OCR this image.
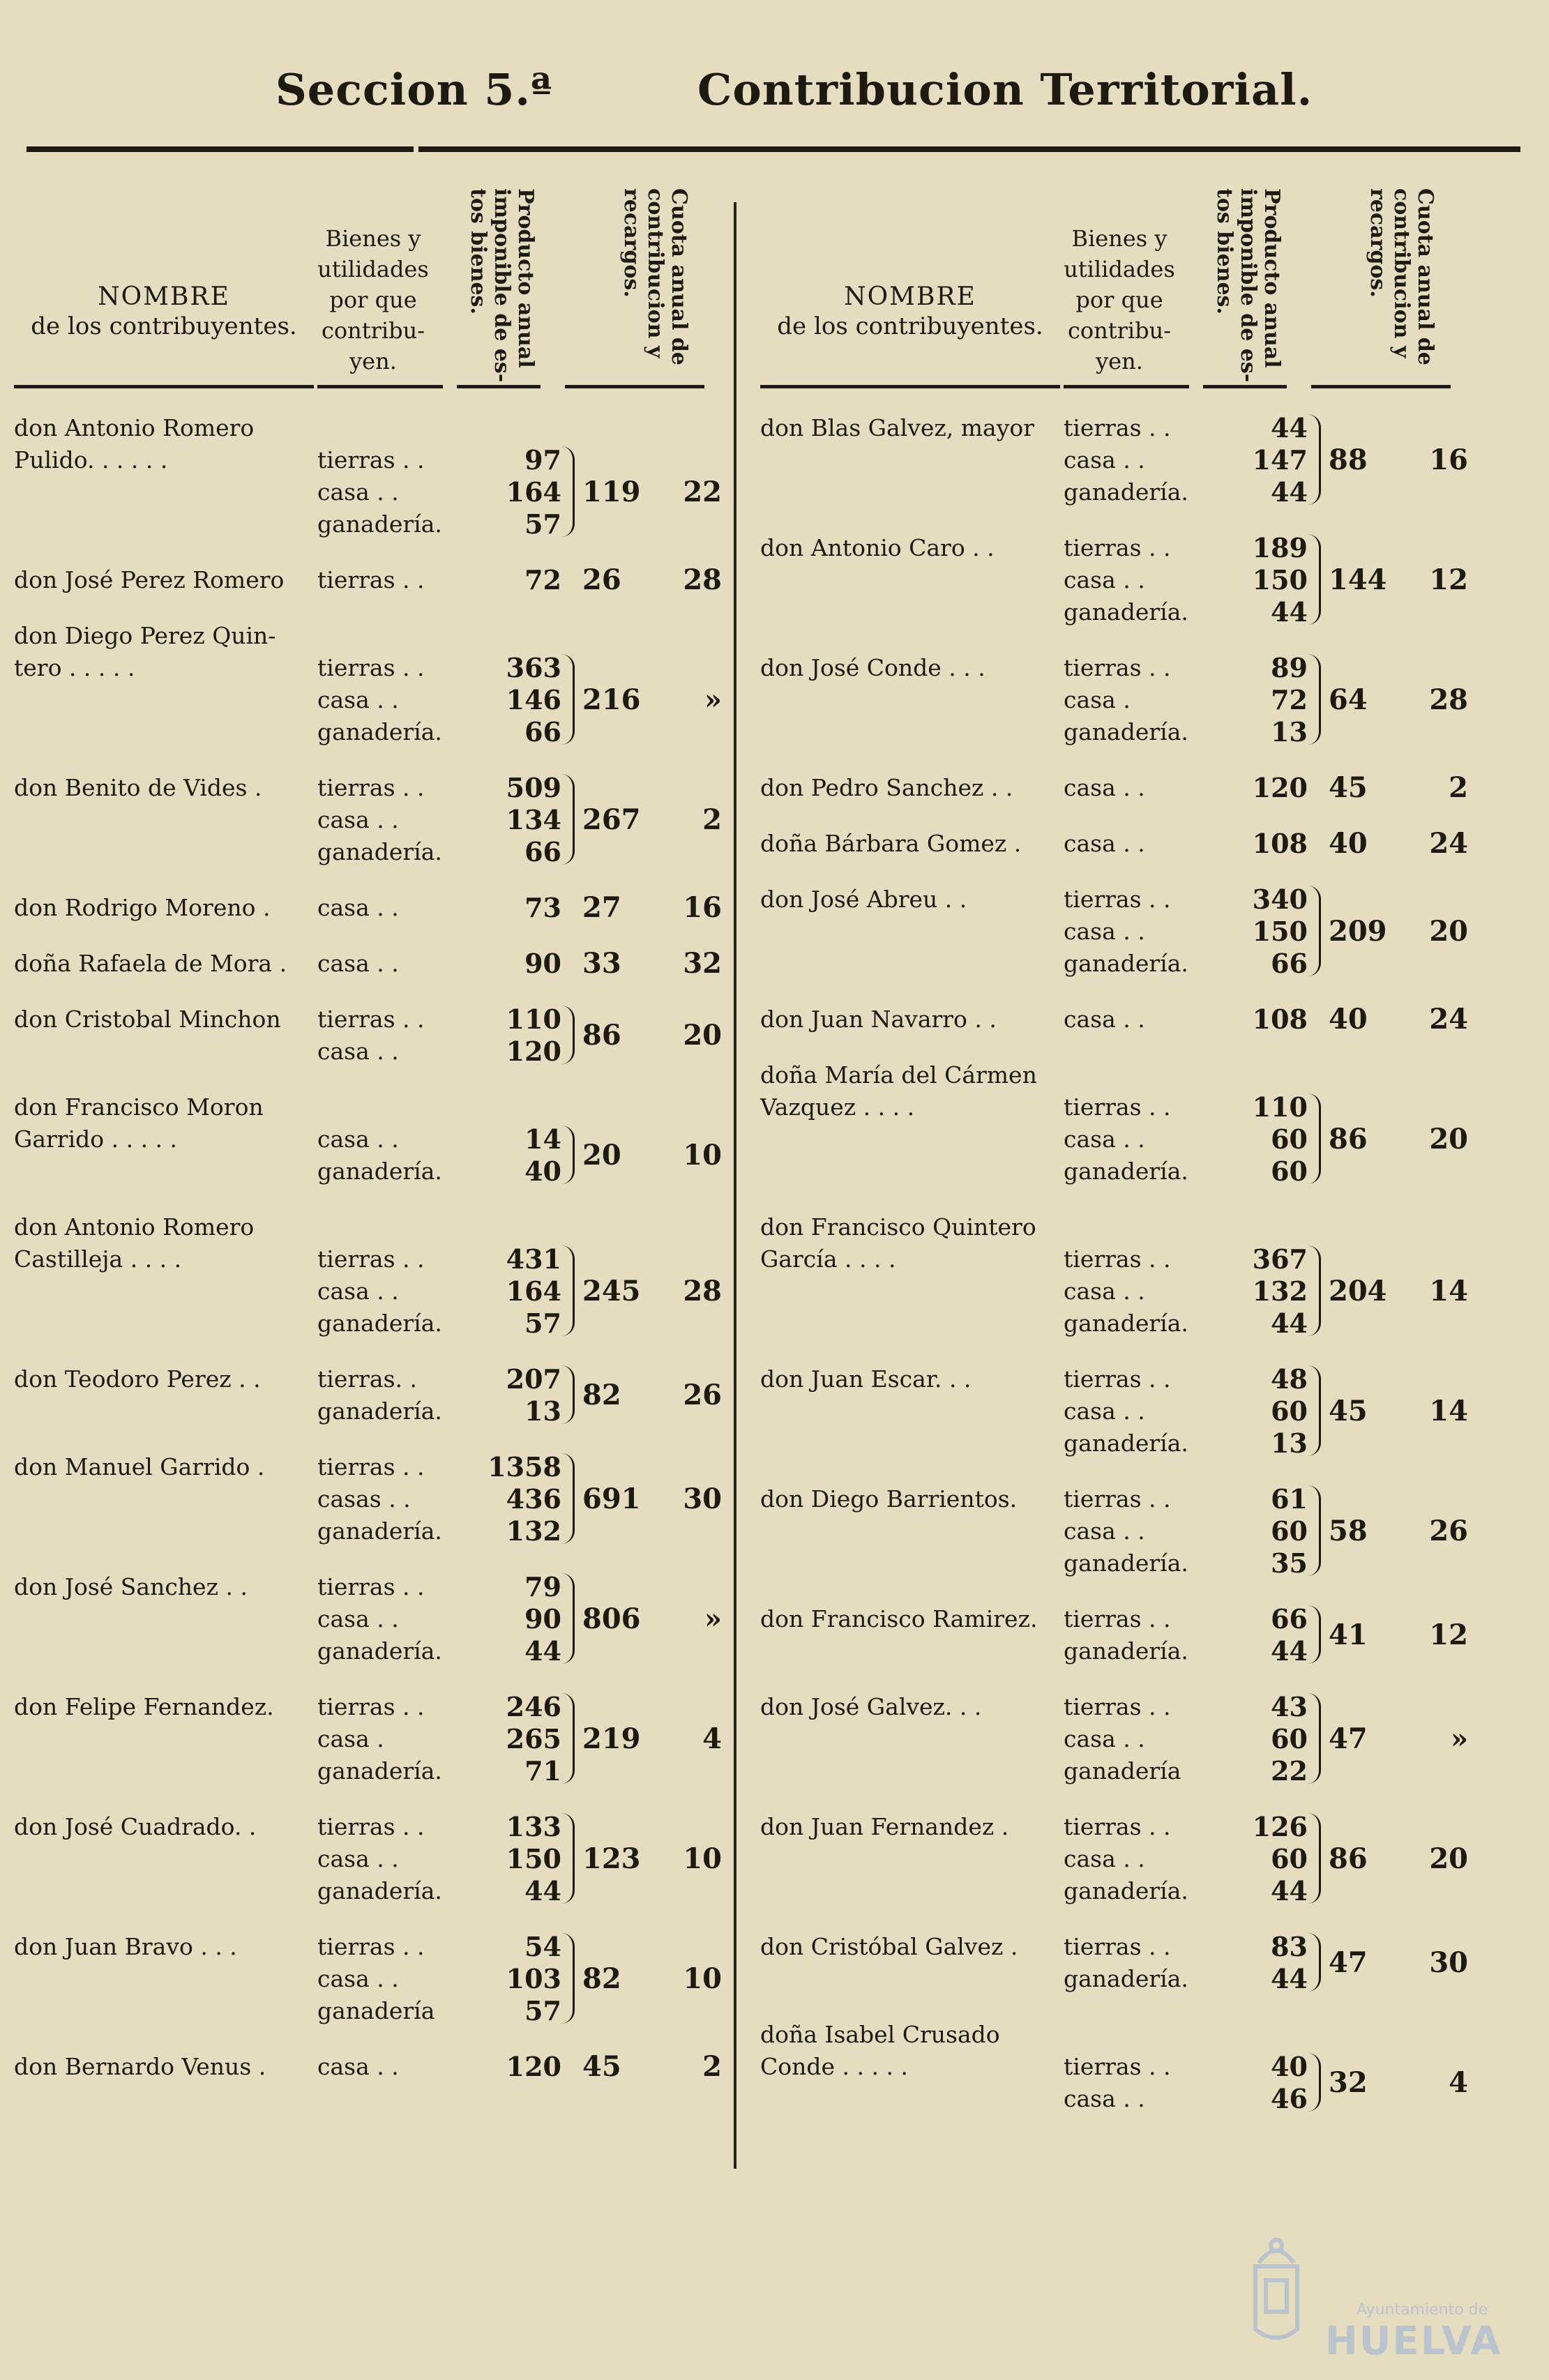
Seccion 5.ª	Contribucion Territorial.
NOMBRE
de los contribuyentes.
Bienes y utilidades por que contribu-yen.	Producto anual imponible de es-tos bienes.	Cuota anual de contribucion y recargos.
don Antonio Romero
Pulido. . . . . .	tierras . .	97
casa . .	164
ganadería.	57
119 22
don José Perez Romero	tierras . .	72 26 28
don Diego Perez Quin-
tero . . . . .	tierras . .	363
casa . .	146
ganadería.	66
216 »
don Benito de Vides .	tierras . .	509
casa . .	134
ganadería.	66
267 2
don Rodrigo Moreno .	casa . .	73 27 16
doña Rafaela de Mora .	casa . .	90 33 32
don Cristobal Minchon	tierras . .	110
casa . .	120 86 20
don Francisco Moron
Garrido . . . . .	casa . .	14
ganadería.	40 20 10
don Antonio Romero
Castilleja . . . .	tierras . .	431
casa . .	164
ganadería.	57
245 28
don Teodoro Perez . .	tierras. .	207
ganadería.	13 82 26
don Manuel Garrido .	tierras . .	1358
casas . .	436
ganadería.	132
691 30
don José Sanchez . .	tierras . .	79
casa . .	90
ganadería.	44
806 »
don Felipe Fernandez.	tierras . .	246
casa .	265
ganadería.	71
219 4
don José Cuadrado. .	tierras . .	133
casa . .	150
ganadería.	44
123 10
don Juan Bravo . . .	tierras . .	54
casa . .	103
ganadería	57
82 10
don Bernardo Venus .	casa . .	120 45	2
NOMBRE
de los contribuyentes.
Bienes y utilidades por que contribu-yen.	Producto anual imponible de es-tos bienes.	Cuota anual de contribucion y recargos.
don Blas Galvez, mayor	tierras . .	44
casa . .	147
ganadería.	44
88 16
don Antonio Caro . .	tierras . .	189
casa . .	150
ganadería.	44
144 12
don José Conde . . .	tierras . .	89
casa .	72
ganadería.	13
64 28
don Pedro Sanchez . .	casa . .	120 45	2
doña Bárbara Gomez .	casa . .	108 40 24
don José Abreu . .	tierras . .	340
casa . .	150
ganadería.	66
209 20
don Juan Navarro . .	casa . .	108 40 24
doña María del Cármen
Vazquez . . . .	tierras . .	110
casa . .	60
ganadería.	60
86 20
don Francisco Quintero
García . . . .	tierras . .	367
casa . .	132
ganadería.	44
204 14
don Juan Escar. . .	tierras . .	48
casa . .	60
ganadería.	13
45 14
don Diego Barrientos.	tierras . .	61
casa . .	60
ganadería.	35
58 26
don Francisco Ramirez.	tierras . .	66
ganadería.	44 41 12
don José Galvez. . .	tierras . .	43
casa . .	60
ganadería	22
47	»
don Juan Fernandez .	tierras . .	126
casa . .	60
ganadería.	44
86 20
don Cristóbal Galvez .	tierras . .	83
ganadería.	44 47 30
doña Isabel Crusado
Conde . . . . .	tierras . .	40
casa . .	46 32	4
Ayuntamiento de
HUELVA
